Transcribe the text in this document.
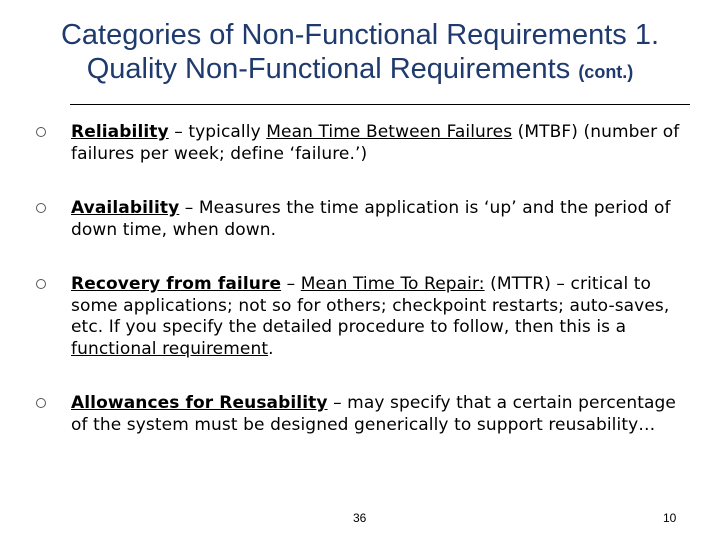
Categories of Non-Functional Requirements 1.
Quality Non-Functional Requirements (cont.)
Reliability – typically Mean Time Between Failures (MTBF) (number of failures per week; define ‘failure.’)
Availability – Measures the time application is ‘up’ and the period of down time, when down.
Recovery from failure – Mean Time To Repair: (MTTR) – critical to some applications; not so for others; checkpoint restarts; auto-saves, etc. If you specify the detailed procedure to follow, then this is a functional requirement.
Allowances for Reusability – may specify that a certain percentage of the system must be designed generically to support reusability…
36	10
